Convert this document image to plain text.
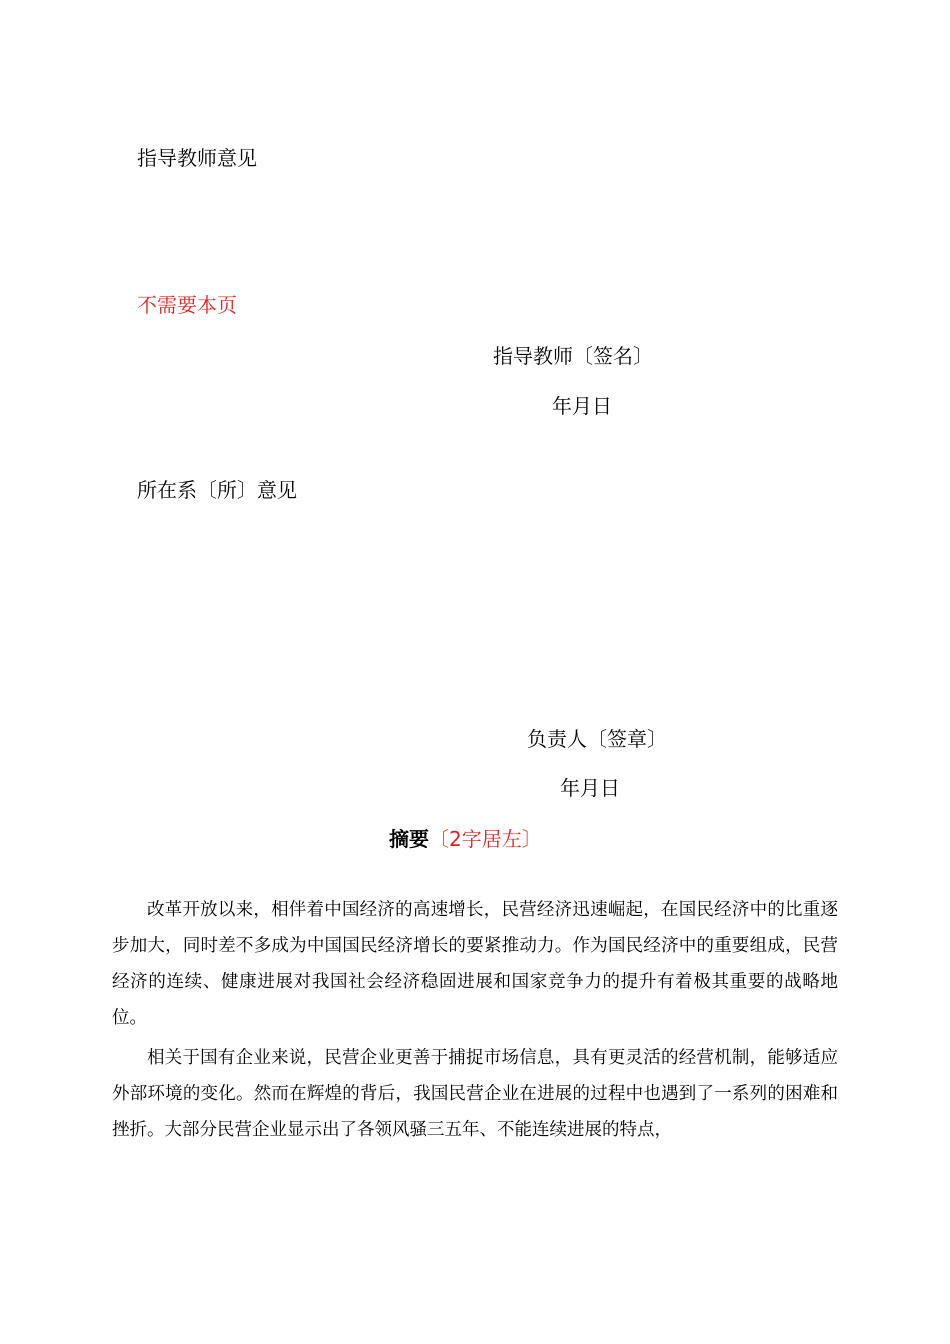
指导教师意见

不需要本页

指导教师〔签名〕

年月日

所在系〔所〕意见

负责人〔签章〕

年月日

摘要〔2字居左〕

改革开放以来，相伴着中国经济的高速增长，民营经济迅速崛起，在国民经济中的比重逐步加大，同时差不多成为中国国民经济增长的要紧推动力。作为国民经济中的重要组成，民营经济的连续、健康进展对我国社会经济稳固进展和国家竞争力的提升有着极其重要的战略地位。

相关于国有企业来说，民营企业更善于捕捉市场信息，具有更灵活的经营机制，能够适应外部环境的变化。然而在辉煌的背后，我国民营企业在进展的过程中也遇到了一系列的困难和挫折。大部分民营企业显示出了各领风骚三五年、不能连续进展的特点，
